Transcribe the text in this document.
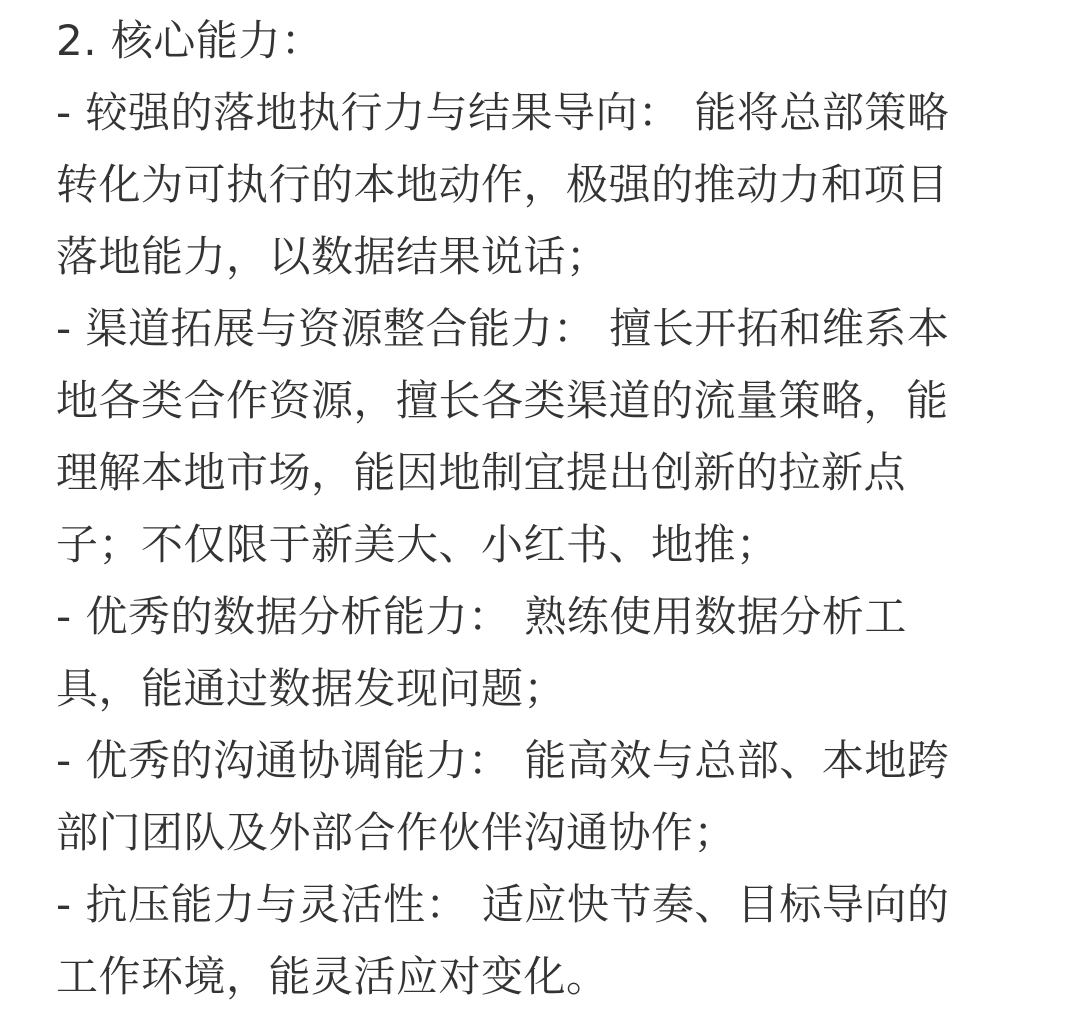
2. 核心能力：
- 较强的落地执行力与结果导向： 能将总部策略
转化为可执行的本地动作，极强的推动力和项目
落地能力，以数据结果说话；
- 渠道拓展与资源整合能力： 擅长开拓和维系本
地各类合作资源，擅长各类渠道的流量策略，能
理解本地市场，能因地制宜提出创新的拉新点
子；不仅限于新美大、小红书、地推；
- 优秀的数据分析能力： 熟练使用数据分析工
具，能通过数据发现问题；
- 优秀的沟通协调能力： 能高效与总部、本地跨
部门团队及外部合作伙伴沟通协作；
- 抗压能力与灵活性： 适应快节奏、目标导向的
工作环境，能灵活应对变化。
